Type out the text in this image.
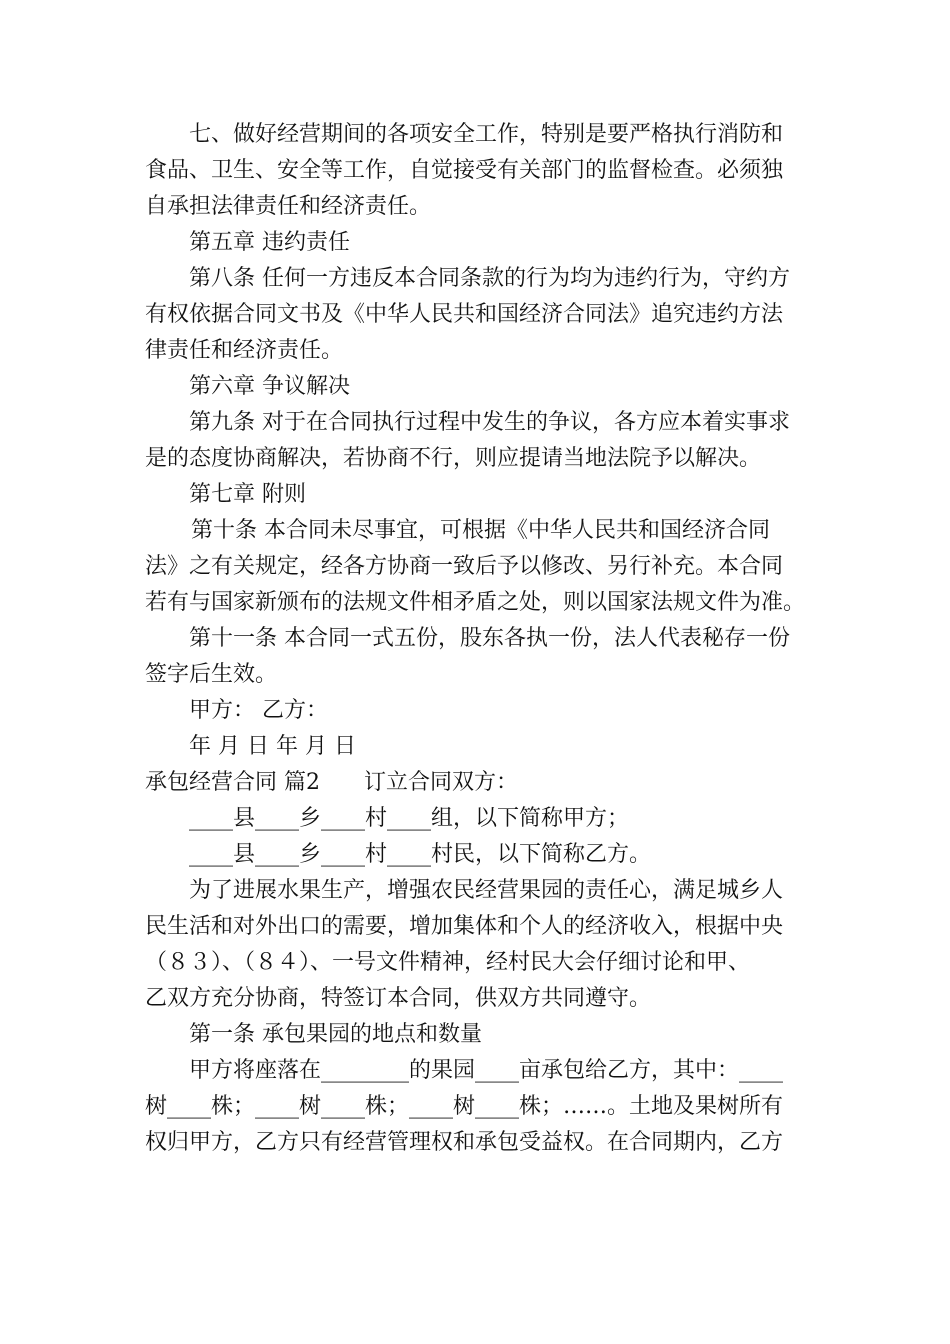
七、做好经营期间的各项安全工作，特别是要严格执行消防和
食品、卫生、安全等工作，自觉接受有关部门的监督检查。必须独
自承担法律责任和经济责任。
第五章 违约责任
第八条 任何一方违反本合同条款的行为均为违约行为，守约方
有权依据合同文书及《中华人民共和国经济合同法》追究违约方法
律责任和经济责任。
第六章 争议解决
第九条 对于在合同执行过程中发生的争议，各方应本着实事求
是的态度协商解决，若协商不行，则应提请当地法院予以解决。
第七章 附则
第十条 本合同未尽事宜，可根据《中华人民共和国经济合同
法》之有关规定，经各方协商一致后予以修改、另行补充。本合同
若有与国家新颁布的法规文件相矛盾之处，则以国家法规文件为准。
第十一条 本合同一式五份，股东各执一份，法人代表秘存一份
签字后生效。
甲方： 乙方：
年 月 日 年 月 日
承包经营合同 篇2　　订立合同双方：
____县____乡____村____组，以下简称甲方；
____县____乡____村____村民，以下简称乙方。
为了进展水果生产，增强农民经营果园的责任心，满足城乡人
民生活和对外出口的需要，增加集体和个人的经济收入，根据中央
（８３）、（８４）、一号文件精神，经村民大会仔细讨论和甲、
乙双方充分协商，特签订本合同，供双方共同遵守。
第一条 承包果园的地点和数量
甲方将座落在________的果园____亩承包给乙方，其中：____
树____株；____树____株；____树____株；……。土地及果树所有
权归甲方，乙方只有经营管理权和承包受益权。在合同期内，乙方
